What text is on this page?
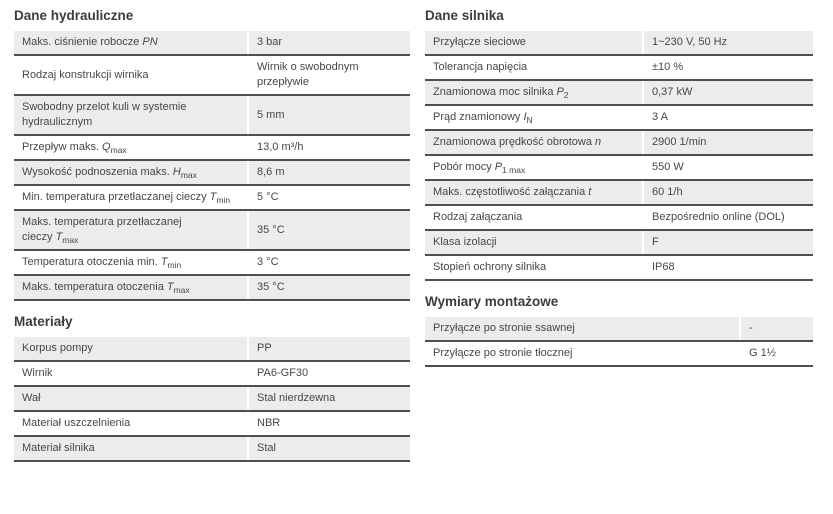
Dane hydrauliczne
Maks. ciśnienie robocze PN	3 bar
Rodzaj konstrukcji wirnika	Wirnik o swobodnym przepływie
Swobodny przelot kuli w systemie hydraulicznym	5 mm
Przepływ maks. $Q_{max}$	13,0 m³/h
Wysokość podnoszenia maks. $H_{max}$	8,6 m
Min. temperatura przetłaczanej cieczy $T_{min}$	5 °C
Maks. temperatura przetłaczanej cieczy $T_{max}$	35 °C
Temperatura otoczenia min. $T_{min}$	3 °C
Maks. temperatura otoczenia $T_{max}$	35 °C
Materiały
Korpus pompy	PP
Wirnik	PA6-GF30
Wał	Stal nierdzewna
Materiał uszczelnienia	NBR
Materiał silnika	Stal
Dane silnika
Przyłącze sieciowe	1~230 V, 50 Hz
Tolerancja napięcia	±10 %
Znamionowa moc silnika $P_2$	0,37 kW
Prąd znamionowy $I_N$	3 A
Znamionowa prędkość obrotowa n	2900 1/min
Pobór mocy $P_{1 max}$	550 W
Maks. częstotliwość załączania t	60 1/h
Rodzaj załączania	Bezpośrednio online (DOL)
Klasa izolacji	F
Stopień ochrony silnika	IP68
Wymiary montażowe
Przyłącze po stronie ssawnej	-
Przyłącze po stronie tłocznej	G 1½
